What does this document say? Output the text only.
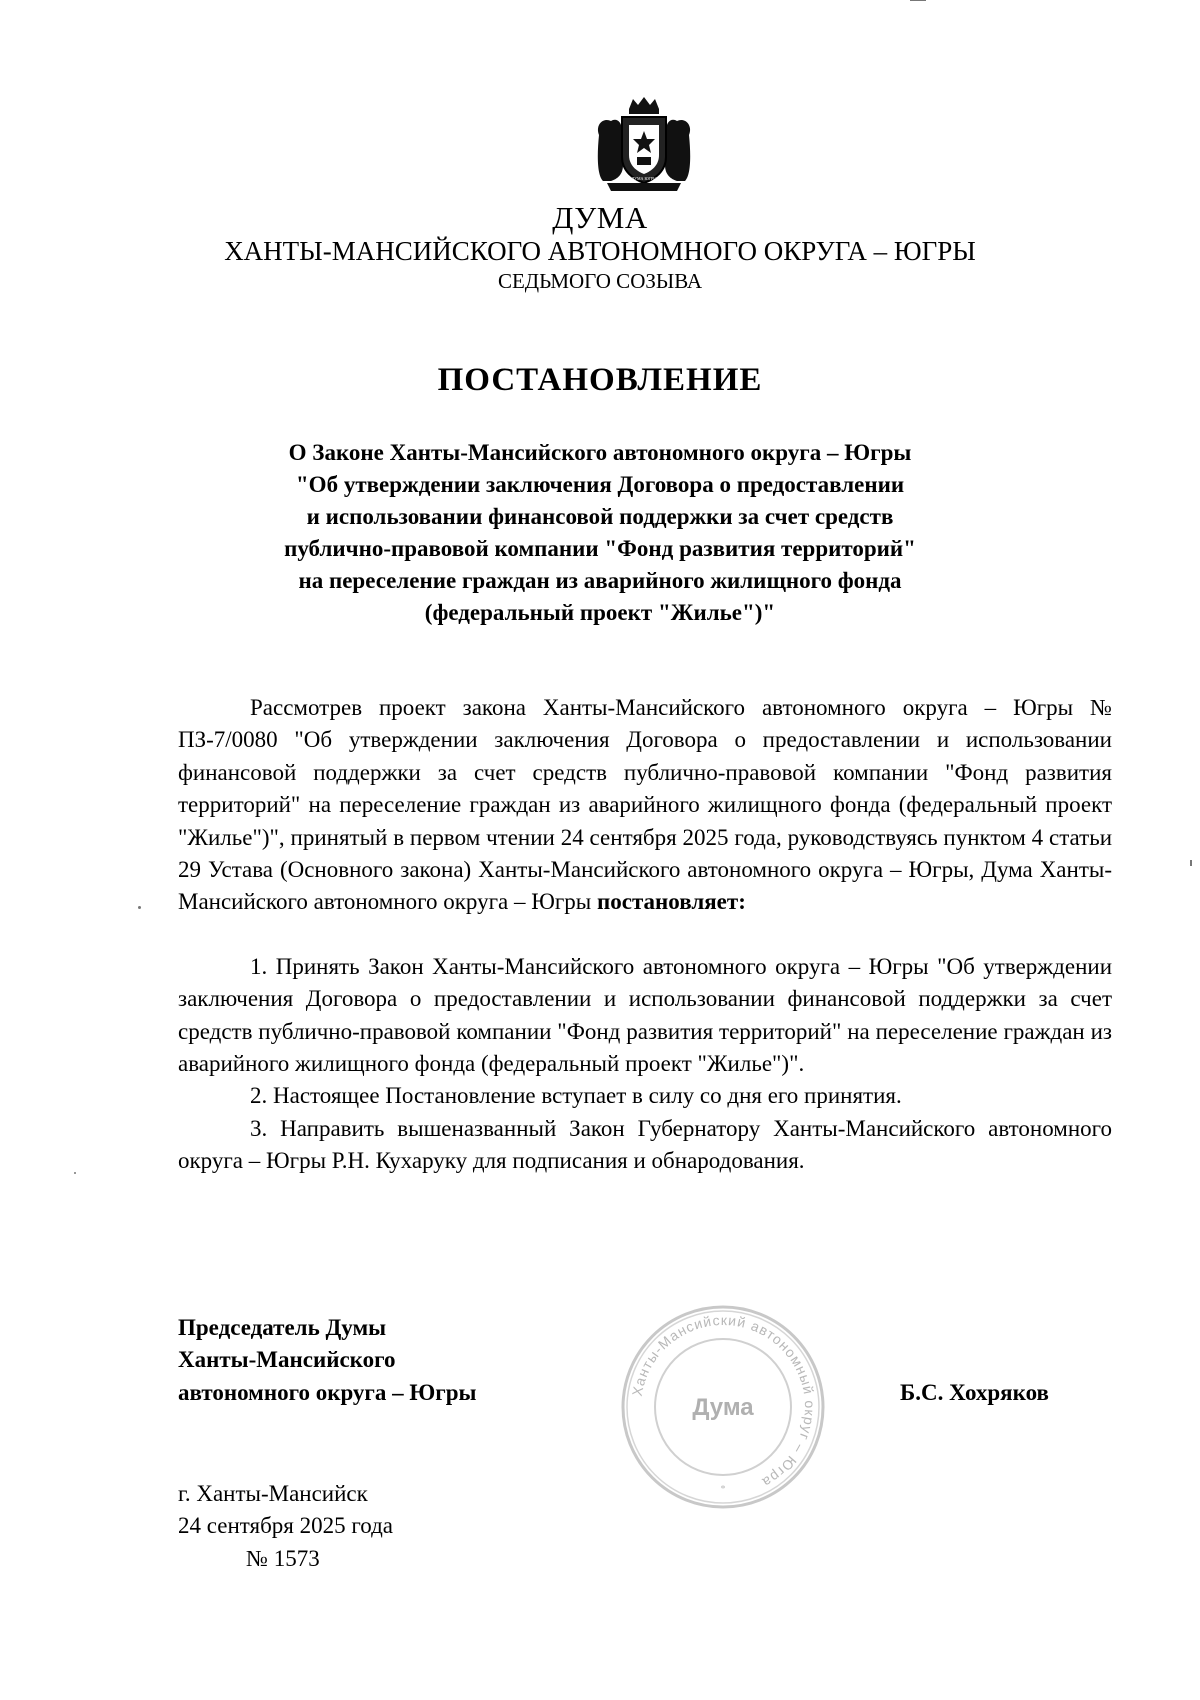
ДУМА ЮГРЫ
ДУМА
ХАНТЫ-МАНСИЙСКОГО АВТОНОМНОГО ОКРУГА – ЮГРЫ
СЕДЬМОГО СОЗЫВА
ПОСТАНОВЛЕНИЕ
О Законе Ханты-Мансийского автономного округа – Югры
"Об утверждении заключения Договора о предоставлении
и использовании финансовой поддержки за счет средств
публично-правовой компании "Фонд развития территорий"
на переселение граждан из аварийного жилищного фонда
(федеральный проект "Жилье")"

Рассмотрев проект закона Ханты-Мансийского автономного округа – Югры № ПЗ-7/0080 "Об утверждении заключения Договора о предоставлении и использовании финансовой поддержки за счет средств публично-правовой компании "Фонд развития территорий" на переселение граждан из аварийного жилищного фонда (федеральный проект "Жилье")", принятый в первом чтении 24 сентября 2025 года, руководствуясь пунктом 4 статьи 29 Устава (Основного закона) Ханты-Мансийского автономного округа – Югры, Дума Ханты-Мансийского автономного округа – Югры постановляет:

1. Принять Закон Ханты-Мансийского автономного округа – Югры "Об утверждении заключения Договора о предоставлении и использовании финансовой поддержки за счет средств публично-правовой компании "Фонд развития территорий" на переселение граждан из аварийного жилищного фонда (федеральный проект "Жилье")".

2. Настоящее Постановление вступает в силу со дня его принятия.

3. Направить вышеназванный Закон Губернатору Ханты-Мансийского автономного округа – Югры Р.Н. Кухаруку для подписания и обнародования.

Председатель Думы
Ханты-Мансийского
автономного округа – Югры	Ханты-Мансийский автономный округ – Югра
Дума
*
Б.С. Хохряков
г. Ханты-Мансийск
24 сентября 2025 года
№ 1573
